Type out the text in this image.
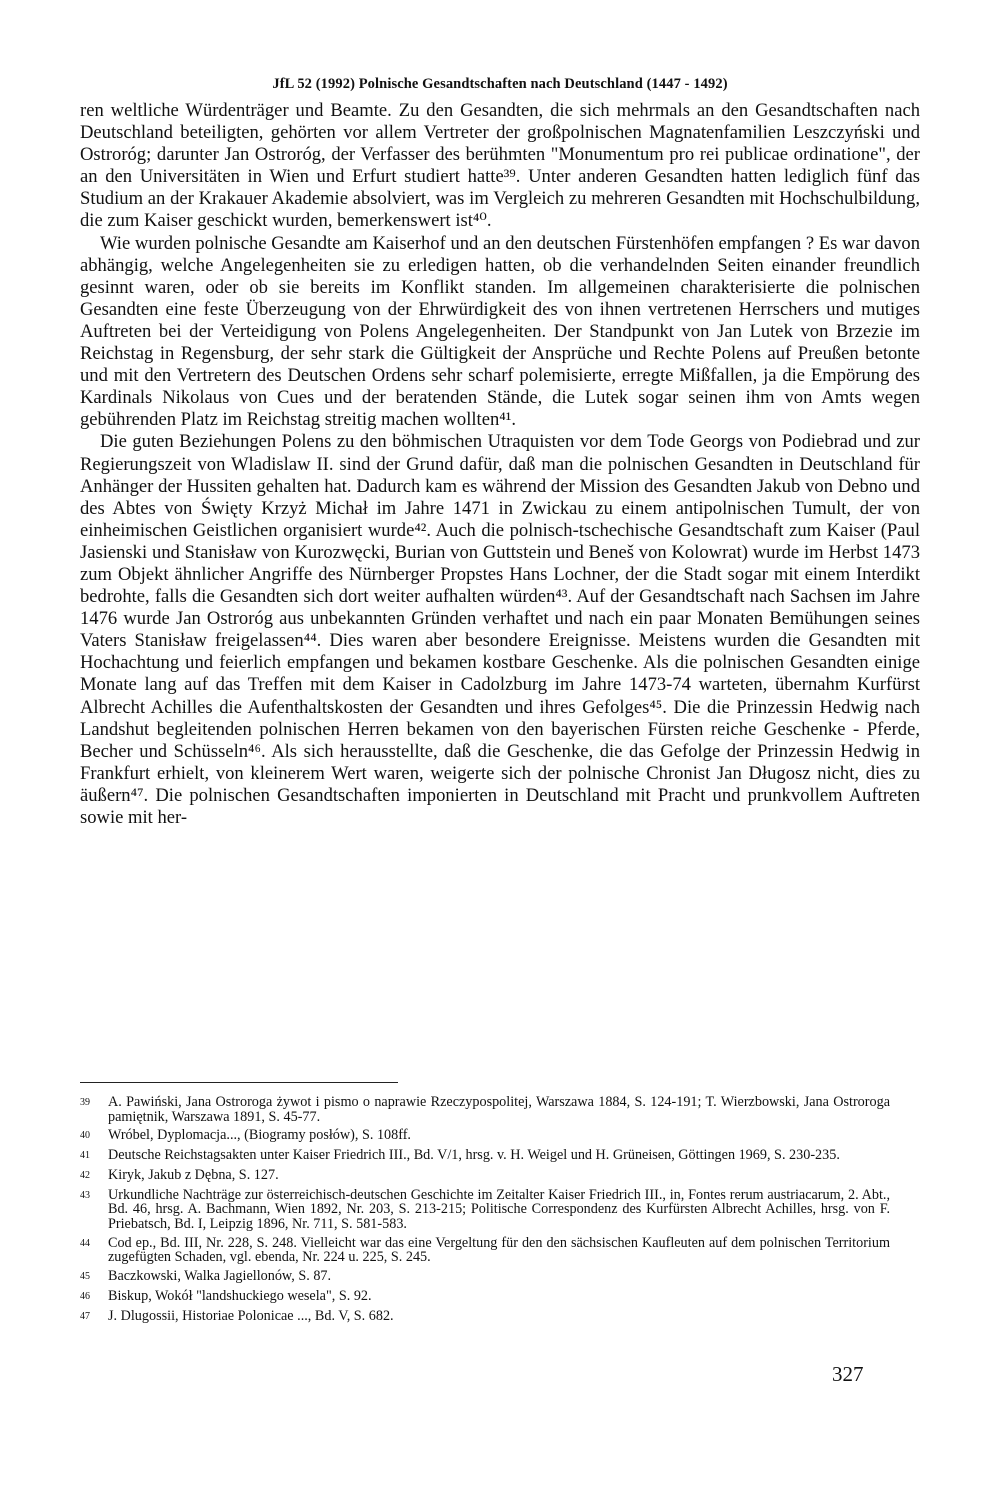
JfL 52 (1992) Polnische Gesandtschaften nach Deutschland (1447 - 1492)

ren weltliche Würdenträger und Beamte. Zu den Gesandten, die sich mehrmals an den Gesandtschaften nach Deutschland beteiligten, gehörten vor allem Vertreter der großpolnischen Magnatenfamilien Leszczyński und Ostroróg; darunter Jan Ostroróg, der Verfasser des berühmten "Monumentum pro rei publicae ordinatione", der an den Universitäten in Wien und Erfurt studiert hatte³⁹. Unter anderen Gesandten hatten lediglich fünf das Studium an der Krakauer Akademie absolviert, was im Vergleich zu mehreren Gesandten mit Hochschulbildung, die zum Kaiser geschickt wurden, bemerkenswert ist⁴⁰.

Wie wurden polnische Gesandte am Kaiserhof und an den deutschen Fürstenhöfen empfangen ? Es war davon abhängig, welche Angelegenheiten sie zu erledigen hatten, ob die verhandelnden Seiten einander freundlich gesinnt waren, oder ob sie bereits im Konflikt standen. Im allgemeinen charakterisierte die polnischen Gesandten eine feste Überzeugung von der Ehrwürdigkeit des von ihnen vertretenen Herrschers und mutiges Auftreten bei der Verteidigung von Polens Angelegenheiten. Der Standpunkt von Jan Lutek von Brzezie im Reichstag in Regensburg, der sehr stark die Gültigkeit der Ansprüche und Rechte Polens auf Preußen betonte und mit den Vertretern des Deutschen Ordens sehr scharf polemisierte, erregte Mißfallen, ja die Empörung des Kardinals Nikolaus von Cues und der beratenden Stände, die Lutek sogar seinen ihm von Amts wegen gebührenden Platz im Reichstag streitig machen wollten⁴¹.

Die guten Beziehungen Polens zu den böhmischen Utraquisten vor dem Tode Georgs von Podiebrad und zur Regierungszeit von Wladislaw II. sind der Grund dafür, daß man die polnischen Gesandten in Deutschland für Anhänger der Hussiten gehalten hat. Dadurch kam es während der Mission des Gesandten Jakub von Debno und des Abtes von Święty Krzyż Michał im Jahre 1471 in Zwickau zu einem antipolnischen Tumult, der von einheimischen Geistlichen organisiert wurde⁴². Auch die polnisch-tschechische Gesandtschaft zum Kaiser (Paul Jasienski und Stanisław von Kurozwęcki, Burian von Guttstein und Beneš von Kolowrat) wurde im Herbst 1473 zum Objekt ähnlicher Angriffe des Nürnberger Propstes Hans Lochner, der die Stadt sogar mit einem Interdikt bedrohte, falls die Gesandten sich dort weiter aufhalten würden⁴³. Auf der Gesandtschaft nach Sachsen im Jahre 1476 wurde Jan Ostroróg aus unbekannten Gründen verhaftet und nach ein paar Monaten Bemühungen seines Vaters Stanisław freigelassen⁴⁴. Dies waren aber besondere Ereignisse. Meistens wurden die Gesandten mit Hochachtung und feierlich empfangen und bekamen kostbare Geschenke. Als die polnischen Gesandten einige Monate lang auf das Treffen mit dem Kaiser in Cadolzburg im Jahre 1473-74 warteten, übernahm Kurfürst Albrecht Achilles die Aufenthaltskosten der Gesandten und ihres Gefolges⁴⁵. Die die Prinzessin Hedwig nach Landshut begleitenden polnischen Herren bekamen von den bayerischen Fürsten reiche Geschenke - Pferde, Becher und Schüsseln⁴⁶. Als sich herausstellte, daß die Geschenke, die das Gefolge der Prinzessin Hedwig in Frankfurt erhielt, von kleinerem Wert waren, weigerte sich der polnische Chronist Jan Długosz nicht, dies zu äußern⁴⁷. Die polnischen Gesandtschaften imponierten in Deutschland mit Pracht und prunkvollem Auftreten sowie mit her-

39	A. Pawiński, Jana Ostroroga żywot i pismo o naprawie Rzeczypospolitej, Warszawa 1884, S. 124-191; T. Wierzbowski, Jana Ostroroga pamiętnik, Warszawa 1891, S. 45-77.
40	Wróbel, Dyplomacja..., (Biogramy posłów), S. 108ff.
41	Deutsche Reichstagsakten unter Kaiser Friedrich III., Bd. V/1, hrsg. v. H. Weigel und H. Grüneisen, Göttingen 1969, S. 230-235.
42	Kiryk, Jakub z Dębna, S. 127.
43	Urkundliche Nachträge zur österreichisch-deutschen Geschichte im Zeitalter Kaiser Friedrich III., in, Fontes rerum austriacarum, 2. Abt., Bd. 46, hrsg. A. Bachmann, Wien 1892, Nr. 203, S. 213-215; Politische Correspondenz des Kurfürsten Albrecht Achilles, hrsg. von F. Priebatsch, Bd. I, Leipzig 1896, Nr. 711, S. 581-583.
44	Cod ep., Bd. III, Nr. 228, S. 248. Vielleicht war das eine Vergeltung für den den sächsischen Kaufleuten auf dem polnischen Territorium zugefügten Schaden, vgl. ebenda, Nr. 224 u. 225, S. 245.
45	Baczkowski, Walka Jagiellonów, S. 87.
46	Biskup, Wokół "landshuckiego wesela", S. 92.
47	J. Dlugossii, Historiae Polonicae ..., Bd. V, S. 682.
327
